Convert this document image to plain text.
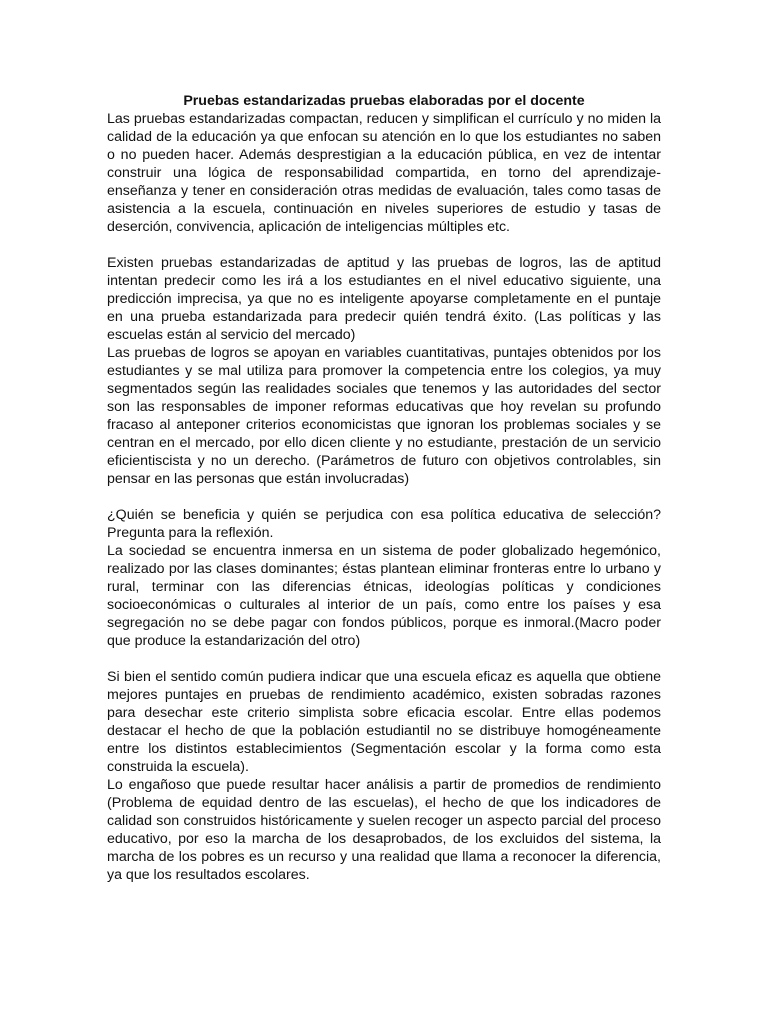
Pruebas estandarizadas pruebas elaboradas por el docente

Las pruebas estandarizadas compactan, reducen y simplifican el currículo y no miden la calidad de la educación ya que enfocan su atención en lo que los estudiantes no saben o no pueden hacer. Además desprestigian a la educación pública, en vez de intentar construir una lógica de responsabilidad compartida, en torno del aprendizaje-enseñanza y tener en consideración otras medidas de evaluación, tales como tasas de asistencia a la escuela, continuación en niveles superiores de estudio y tasas de deserción, convivencia, aplicación de inteligencias múltiples etc.

Existen pruebas estandarizadas de aptitud y las pruebas de logros, las de aptitud intentan predecir como les irá a los estudiantes en el nivel educativo siguiente, una predicción imprecisa, ya que no es inteligente apoyarse completamente en el puntaje en una prueba estandarizada para predecir quién tendrá éxito. (Las políticas y las escuelas están al servicio del mercado)

Las pruebas de logros se apoyan en variables cuantitativas, puntajes obtenidos por los estudiantes y se mal utiliza para promover la competencia entre los colegios, ya muy segmentados según las realidades sociales que tenemos y las autoridades del sector son las responsables de imponer reformas educativas que hoy revelan su profundo fracaso al anteponer criterios economicistas que ignoran los problemas sociales y se centran en el mercado, por ello dicen cliente y no estudiante, prestación de un servicio eficientiscista y no un derecho. (Parámetros de futuro con objetivos controlables, sin pensar en las personas que están involucradas)

¿Quién se beneficia y quién se perjudica con esa política educativa de selección? Pregunta para la reflexión.

La sociedad se encuentra inmersa en un sistema de poder globalizado hegemónico, realizado por las clases dominantes; éstas plantean eliminar fronteras entre lo urbano y rural, terminar con las diferencias étnicas, ideologías políticas y condiciones socioeconómicas o culturales al interior de un país, como entre los países y esa segregación no se debe pagar con fondos públicos, porque es inmoral.(Macro poder que produce la estandarización del otro)

Si bien el sentido común pudiera indicar que una escuela eficaz es aquella que obtiene mejores puntajes en pruebas de rendimiento académico, existen sobradas razones para desechar este criterio simplista sobre eficacia escolar. Entre ellas podemos destacar el hecho de que la población estudiantil no se distribuye homogéneamente entre los distintos establecimientos (Segmentación escolar y la forma como esta construida la escuela).

Lo engañoso que puede resultar hacer análisis a partir de promedios de rendimiento (Problema de equidad dentro de las escuelas), el hecho de que los indicadores de calidad son construidos históricamente y suelen recoger un aspecto parcial del proceso educativo, por eso la marcha de los desaprobados, de los excluidos del sistema, la marcha de los pobres es un recurso y una realidad que llama a reconocer la diferencia, ya que los resultados escolares.
